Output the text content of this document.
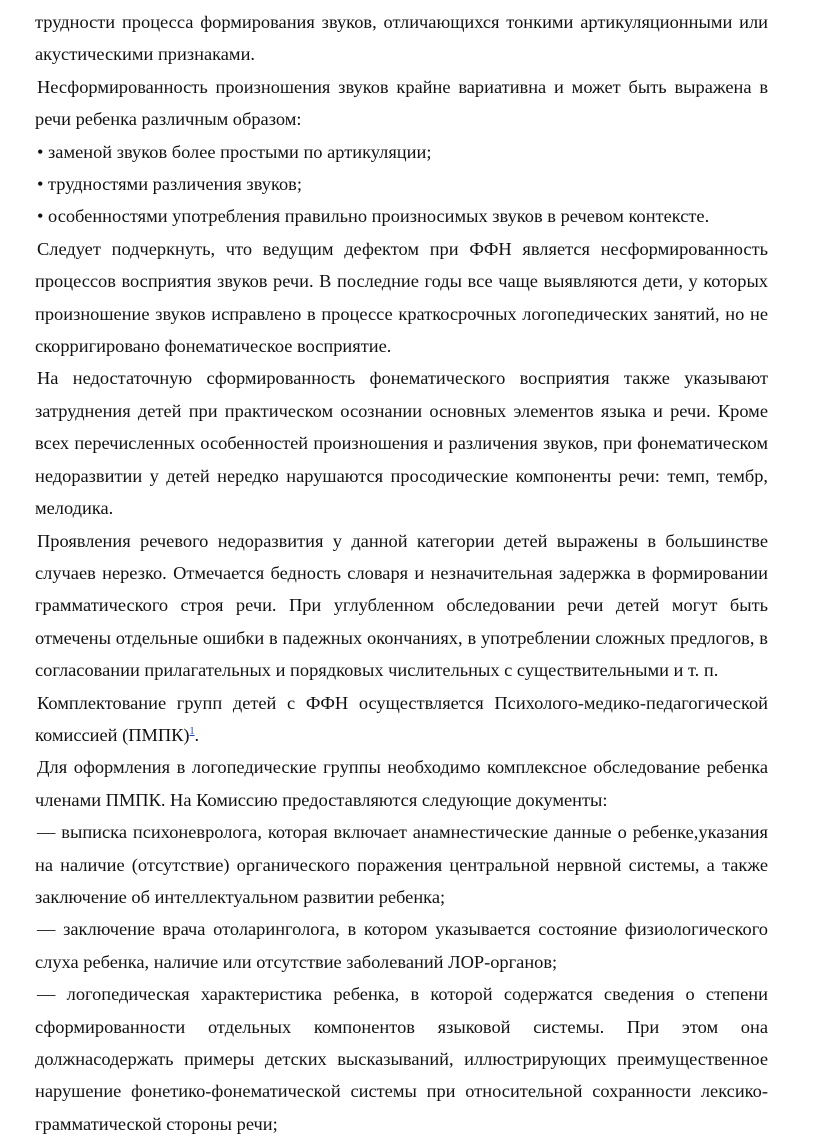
трудности процесса формирования звуков, отличающихся тонкими артикуляционными или акустическими признаками.

Несформированность произношения звуков крайне вариативна и может быть выражена в речи ребенка различным образом:

• заменой звуков более простыми по артикуляции;

• трудностями различения звуков;

• особенностями употребления правильно произносимых звуков в речевом контексте.

Следует подчеркнуть, что ведущим дефектом при ФФН является несформированность процессов восприятия звуков речи. В последние годы все чаще выявляются дети, у которых произношение звуков исправлено в процессе краткосрочных логопедических занятий, но не скорригировано фонематическое восприятие.

На недостаточную сформированность фонематического восприятия также указывают затруднения детей при практическом осознании основных элементов языка и речи. Кроме всех перечисленных особенностей произношения и различения звуков, при фонематическом недоразвитии у детей нередко нарушаются просодические компоненты речи: темп, тембр, мелодика.

Проявления речевого недоразвития у данной категории детей выражены в большинстве случаев нерезко. Отмечается бедность словаря и незначительная задержка в формировании грамматического строя речи. При углубленном обследовании речи детей могут быть отмечены отдельные ошибки в падежных окончаниях, в употреблении сложных предлогов, в согласовании прилагательных и порядковых числительных с существительными и т. п.

Комплектование групп детей с ФФН осуществляется Психолого-медико-педагогической комиссией (ПМПК)$^1$.

Для оформления в логопедические группы необходимо комплексное обследование ребенка членами ПМПК. На Комиссию предоставляются следующие документы:

— выписка психоневролога, которая включает анамнестические данные о ребенке,указания на наличие (отсутствие) органического поражения центральной нервной системы, а также заключение об интеллектуальном развитии ребенка;

— заключение врача отоларинголога, в котором указывается состояние физиологического слуха ребенка, наличие или отсутствие заболеваний ЛОР-органов;

— логопедическая характеристика ребенка, в которой содержатся сведения о степени сформированности отдельных компонентов языковой системы. При этом она должнасодержать примеры детских высказываний, иллюстрирующих преимущественное нарушение фонетико-фонематической системы при относительной сохранности лексико-грамматической стороны речи;
